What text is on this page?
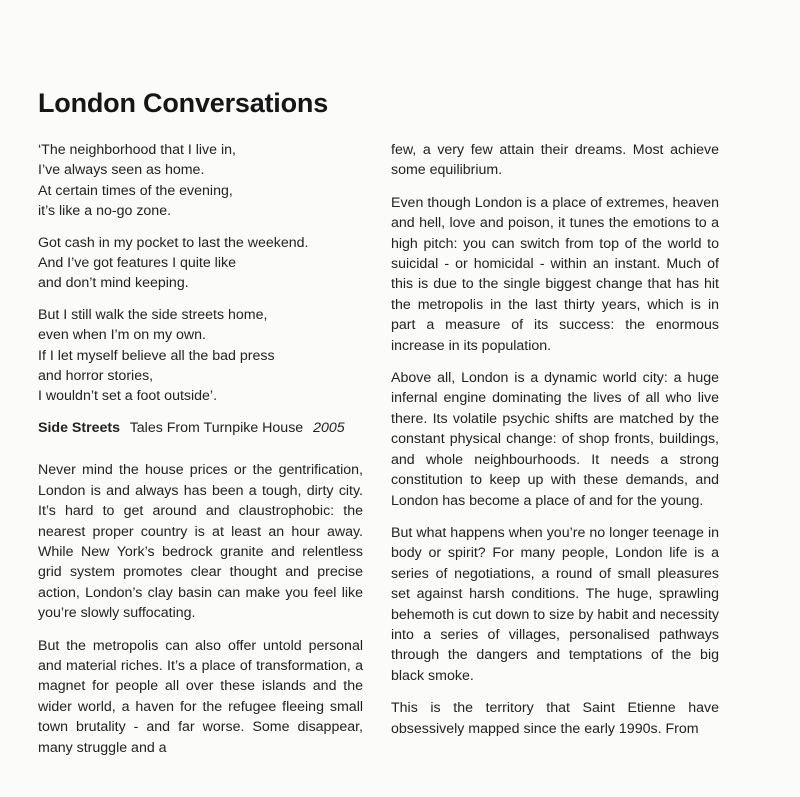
London Conversations
‘The neighborhood that I live in,
I’ve always seen as home.
At certain times of the evening,
it’s like a no-go zone.
Got cash in my pocket to last the weekend.
And I’ve got features I quite like
and don’t mind keeping.
But I still walk the side streets home,
even when I’m on my own.
If I let myself believe all the bad press
and horror stories,
I wouldn’t set a foot outside’.
Side Streets Tales From Turnpike House 2005

Never mind the house prices or the gentrification, London is and always has been a tough, dirty city. It’s hard to get around and claustrophobic: the nearest proper country is at least an hour away. While New York’s bedrock granite and relentless grid system promotes clear thought and precise action, London’s clay basin can make you feel like you’re slowly suffocating.

But the metropolis can also offer untold personal and material riches. It’s a place of transformation, a magnet for people all over these islands and the wider world, a haven for the refugee fleeing small town brutality - and far worse. Some disappear, many struggle and a

few, a very few attain their dreams. Most achieve some equilibrium.

Even though London is a place of extremes, heaven and hell, love and poison, it tunes the emotions to a high pitch: you can switch from top of the world to suicidal - or homicidal - within an instant. Much of this is due to the single biggest change that has hit the metropolis in the last thirty years, which is in part a measure of its success: the enormous increase in its population.

Above all, London is a dynamic world city: a huge infernal engine dominating the lives of all who live there. Its volatile psychic shifts are matched by the constant physical change: of shop fronts, buildings, and whole neighbourhoods. It needs a strong constitution to keep up with these demands, and London has become a place of and for the young.

But what happens when you’re no longer teenage in body or spirit? For many people, London life is a series of negotiations, a round of small pleasures set against harsh conditions. The huge, sprawling behemoth is cut down to size by habit and necessity into a series of villages, personalised pathways through the dangers and temptations of the big black smoke.

This is the territory that Saint Etienne have obsessively mapped since the early 1990s. From
